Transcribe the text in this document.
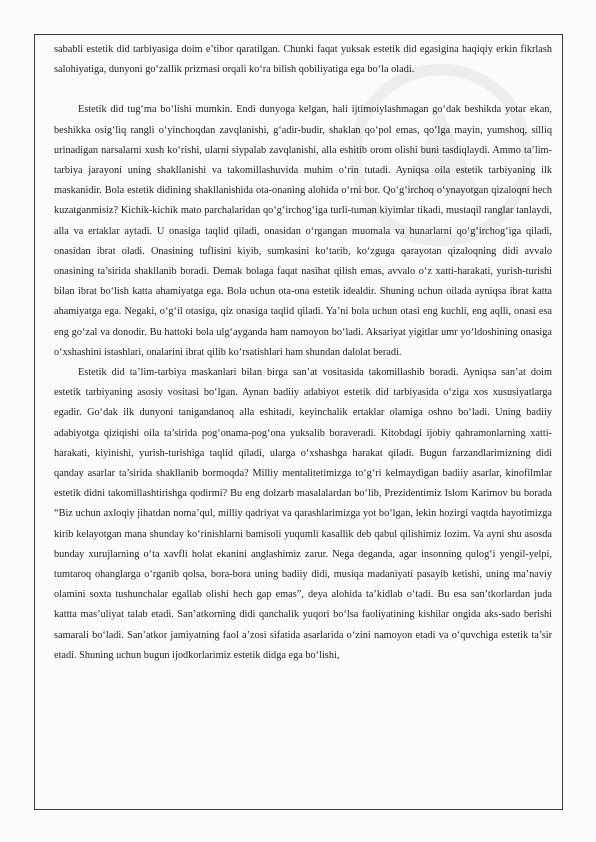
sababli estetik did tarbiyasiga doim e’tibor qaratilgan. Chunki faqat yuksak estetik did egasigina haqiqiy erkin fikrlash salohiyatiga, dunyoni go‘zallik prizmasi orqali ko‘ra bilish qobiliyatiga ega bo‘la oladi.

Estetik did tug‘ma bo‘lishi mumkin. Endi dunyoga kelgan, hali ijtimoiylashmagan go‘dak beshikda yotar ekan, beshikka osig‘liq rangli o‘yinchoqdan zavqlanishi, g‘adir-budir, shaklan qo‘pol emas, qo‘lga mayin, yumshoq, silliq urinadigan narsalarni xush ko‘rishi, ularni siypalab zavqlanishi, alla eshitib orom olishi buni tasdiqlaydi. Ammo ta’lim-tarbiya jarayoni uning shakllanishi va takomillashuvida muhim o‘rin tutadi. Ayniqsa oila estetik tarbiyaning ilk maskanidir. Bola estetik didining shakllanishida ota-onaning alohida o‘rni bor. Qo‘g‘irchoq o‘ynayotgan qizaloqni hech kuzatganmisiz? Kichik-kichik mato parchalaridan qo‘g‘irchog‘iga turli-tuman kiyimlar tikadi, mustaqil ranglar tanlaydi, alla va ertaklar aytadi. U onasiga taqlid qiladi, onasidan o‘rgangan muomala va hunarlarni qo‘g‘irchog‘iga qiladi, onasidan ibrat oladi. Onasining tuflisini kiyib, sumkasini ko‘tarib, ko‘zguga qarayotan qizaloqning didi avvalo onasining ta’sirida shakllanib boradi. Demak bolaga faqat nasihat qilish emas, avvalo o‘z xatti-harakati, yurish-turishi bilan ibrat bo‘lish katta ahamiyatga ega. Bola uchun ota-ona estetik idealdir. Shuning uchun oilada ayniqsa ibrat katta ahamiyatga ega. Negaki, o‘g‘il otasiga, qiz onasiga taqlid qiladi. Ya’ni bola uchun otasi eng kuchli, eng aqlli, onasi esa eng go‘zal va donodir. Bu hattoki bola ulg‘ayganda ham namoyon bo‘ladi. Aksariyat yigitlar umr yo‘ldoshining onasiga o‘xshashini istashlari, onalarini ibrat qilib ko‘rsatishlari ham shundan dalolat beradi.

Estetik did ta’lim-tarbiya maskanlari bilan birga san’at vositasida takomillashib boradi. Ayniqsa san’at doim estetik tarbiyaning asosiy vositasi bo‘lgan. Aynan badiiy adabiyot estetik did tarbiyasida o‘ziga xos xususiyatlarga egadir. Go‘dak ilk dunyoni tanigandanoq alla eshitadi, keyinchalik ertaklar olamiga oshno bo‘ladi. Uning badiiy adabiyotga qiziqishi oila ta’sirida pog‘onama-pog‘ona yuksalib boraveradi. Kitobdagi ijobiy qahramonlarning xatti-harakati, kiyinishi, yurish-turishiga taqlid qiladi, ularga o‘xshashga harakat qiladi. Bugun farzandlarimizning didi qanday asarlar ta’sirida shakllanib bormoqda? Milliy mentalitetimizga to‘g‘ri kelmaydigan badiiy asarlar, kinofilmlar estetik didni takomillashtirishga qodirmi? Bu eng dolzarb masalalardan bo‘lib, Prezidentimiz Islom Karimov bu borada “Biz uchun axloqiy jihatdan noma’qul, milliy qadriyat va qarashlarimizga yot bo‘lgan, lekin hozirgi vaqtda hayotimizga kirib kelayotgan mana shunday ko‘rinishlarni bamisoli yuqumli kasallik deb qabul qilishimiz lozim. Va ayni shu asosda bunday xurujlarning o‘ta xavfli holat ekanini anglashimiz zarur. Nega deganda, agar insonning qulog‘i yengil-yelpi, tumtaroq ohanglarga o‘rganib qolsa, bora-bora uning badiiy didi, musiqa madaniyati pasayib ketishi, uning ma’naviy olamini soxta tushunchalar egallab olishi hech gap emas”, deya alohida ta’kidlab o‘tadi. Bu esa san’tkorlardan juda kattta mas’uliyat talab etadi. San’atkorning didi qanchalik yuqori bo‘lsa faoliyatining kishilar ongida aks-sado berishi samarali bo‘ladi. San’atkor jamiyatning faol a’zosi sifatida asarlarida o‘zini namoyon etadi va o‘quvchiga estetik ta’sir etadi. Shuning uchun bugun ijodkorlarimiz estetik didga ega bo‘lishi,
